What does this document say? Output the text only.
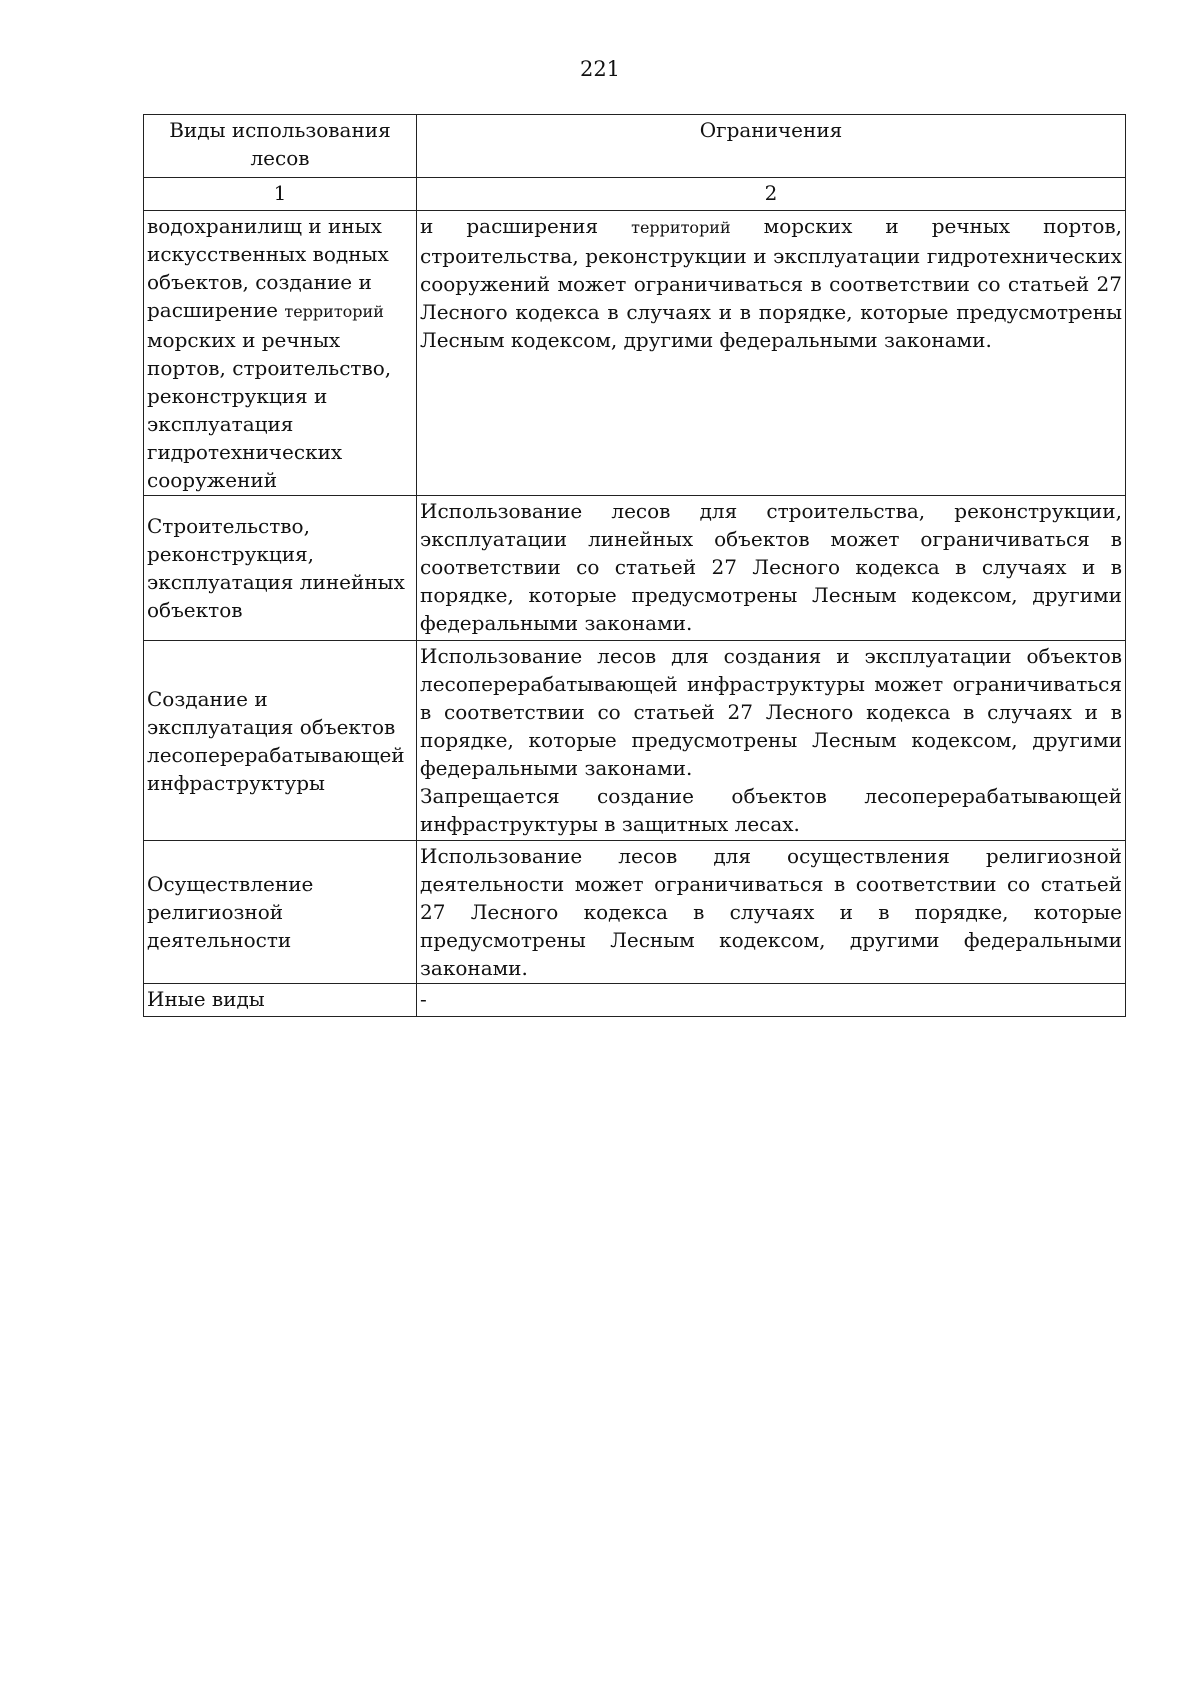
221
Виды использования лесов	Ограничения
1	2
водохранилищ и иных искусственных водных объектов, создание и расширение территорий морских и речных портов, строительство, реконструкция и эксплуатация гидротехнических сооружений	и расширения территорий морских и речных портов, строительства, реконструкции и эксплуатации гидротехнических сооружений может ограничиваться в соответствии со статьей 27 Лесного кодекса в случаях и в порядке, которые предусмотрены Лесным кодексом, другими федеральными законами.
Строительство, реконструкция, эксплуатация линейных объектов	Использование лесов для строительства, реконструкции, эксплуатации линейных объектов может ограничиваться в соответствии со статьей 27 Лесного кодекса в случаях и в порядке, которые предусмотрены Лесным кодексом, другими федеральными законами.
Создание и эксплуатация объектов лесоперерабатывающей инфраструктуры	Использование лесов для создания и эксплуатации объектов лесоперерабатывающей инфраструктуры может ограничиваться в соответствии со статьей 27 Лесного кодекса в случаях и в порядке, которые предусмотрены Лесным кодексом, другими федеральными законами.
Запрещается создание объектов лесоперерабатывающей инфраструктуры в защитных лесах.

Осуществление религиозной деятельности	Использование лесов для осуществления религиозной деятельности может ограничиваться в соответствии со статьей 27 Лесного кодекса в случаях и в порядке, которые предусмотрены Лесным кодексом, другими федеральными законами.
Иные виды	-
